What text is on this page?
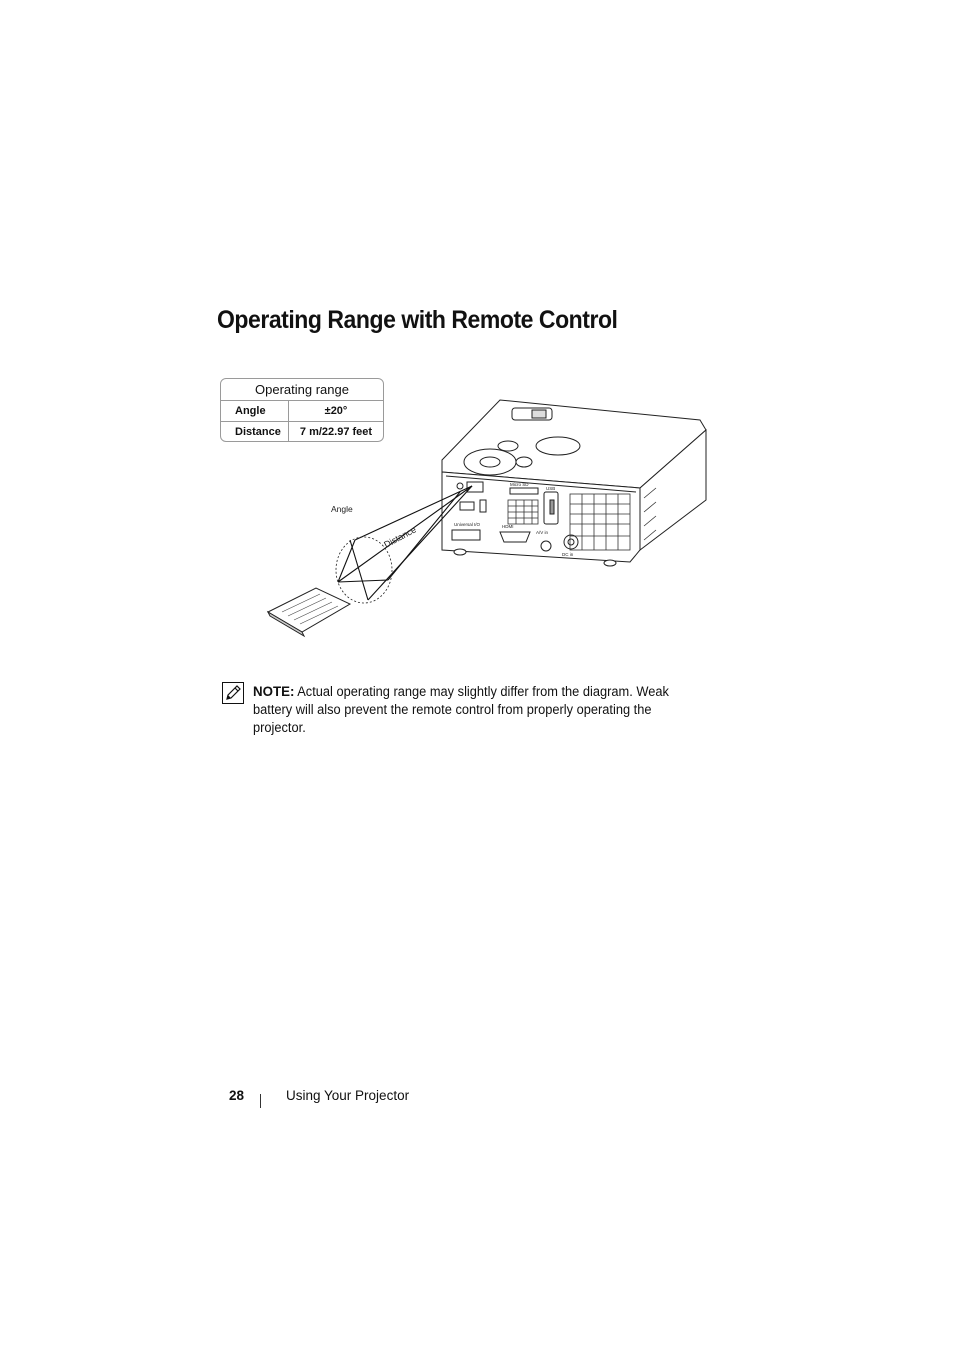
Operating Range with Remote Control
Angle
Distance
Micro SD
USB
Universal I/O	HDMI
A/V in
DC in
Operating range
Angle	±20°
Distance	7 m/22.97 feet
NOTE: Actual operating range may slightly differ from the diagram. Weak battery will also prevent the remote control from properly operating the projector.
28	Using Your Projector
